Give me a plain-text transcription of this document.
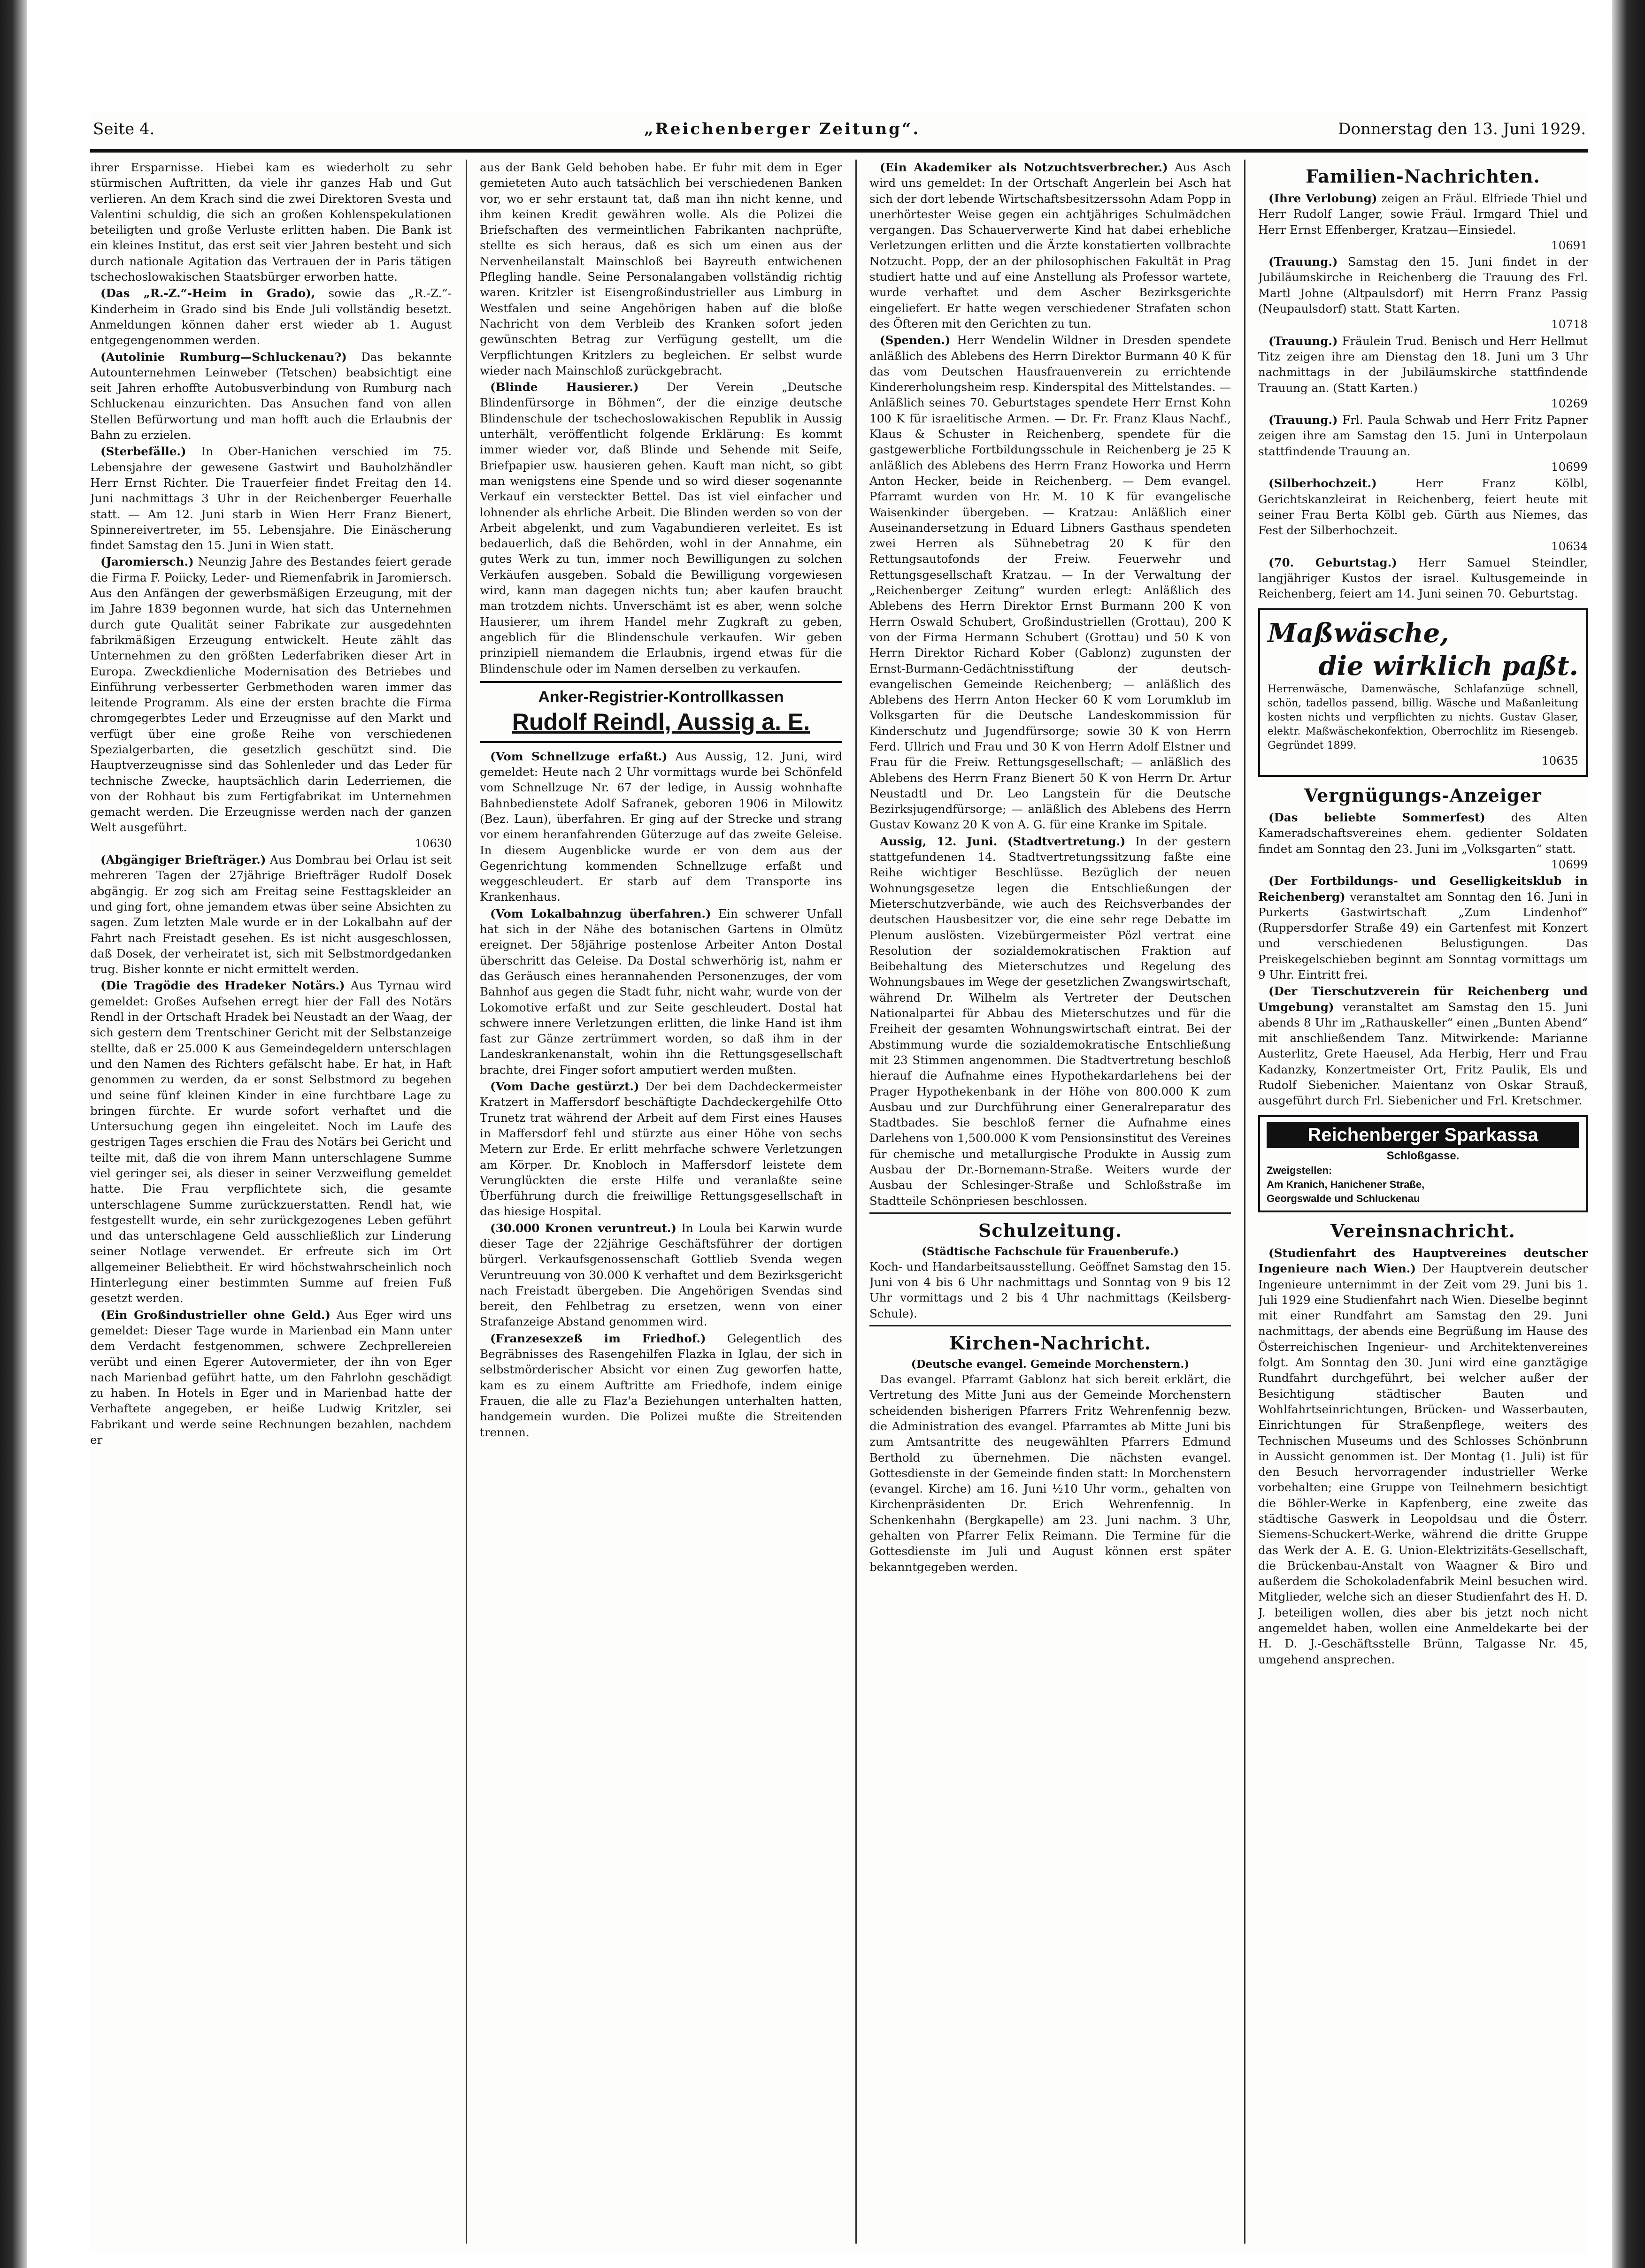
Seite 4.	„Reichenberger Zeitung“.	Donnerstag den 13. Juni 1929.

ihrer Ersparnisse. Hiebei kam es wiederholt zu sehr stürmischen Auftritten, da viele ihr ganzes Hab und Gut verlieren. An dem Krach sind die zwei Direktoren Svesta und Valentini schuldig, die sich an großen Kohlenspekulationen beteiligten und große Verluste erlitten haben. Die Bank ist ein kleines Institut, das erst seit vier Jahren besteht und sich durch nationale Agitation das Vertrauen der in Paris tätigen tschechoslowakischen Staatsbürger erworben hatte.

(Das „R.-Z.“-Heim in Grado), sowie das „R.-Z.“-Kinderheim in Grado sind bis Ende Juli vollständig besetzt. Anmeldungen können daher erst wieder ab 1. August entgegengenommen werden.

(Autolinie Rumburg—Schluckenau?) Das bekannte Autounternehmen Leinweber (Tetschen) beabsichtigt eine seit Jahren erhoffte Autobusverbindung von Rumburg nach Schluckenau einzurichten. Das Ansuchen fand von allen Stellen Befürwortung und man hofft auch die Erlaubnis der Bahn zu erzielen.

(Sterbefälle.) In Ober-Hanichen verschied im 75. Lebensjahre der gewesene Gastwirt und Bauholzhändler Herr Ernst Richter. Die Trauerfeier findet Freitag den 14. Juni nachmittags 3 Uhr in der Reichenberger Feuerhalle statt. — Am 12. Juni starb in Wien Herr Franz Bienert, Spinnereivertreter, im 55. Lebensjahre. Die Einäscherung findet Samstag den 15. Juni in Wien statt.

(Jaromiersch.) Neunzig Jahre des Bestandes feiert gerade die Firma F. Poiicky, Leder- und Riemenfabrik in Jaromiersch. Aus den Anfängen der gewerbsmäßigen Erzeugung, mit der im Jahre 1839 begonnen wurde, hat sich das Unternehmen durch gute Qualität seiner Fabrikate zur ausgedehnten fabrikmäßigen Erzeugung entwickelt. Heute zählt das Unternehmen zu den größten Lederfabriken dieser Art in Europa. Zweckdienliche Modernisation des Betriebes und Einführung verbesserter Gerbmethoden waren immer das leitende Programm. Als eine der ersten brachte die Firma chromgegerbtes Leder und Erzeugnisse auf den Markt und verfügt über eine große Reihe von verschiedenen Spezialgerbarten, die gesetzlich geschützt sind. Die Hauptverzeugnisse sind das Sohlenleder und das Leder für technische Zwecke, hauptsächlich darin Lederriemen, die von der Rohhaut bis zum Fertigfabrikat im Unternehmen gemacht werden. Die Erzeugnisse werden nach der ganzen Welt ausgeführt.
10630

(Abgängiger Briefträger.) Aus Dombrau bei Orlau ist seit mehreren Tagen der 27jährige Briefträger Rudolf Dosek abgängig. Er zog sich am Freitag seine Festtagskleider an und ging fort, ohne jemandem etwas über seine Absichten zu sagen. Zum letzten Male wurde er in der Lokalbahn auf der Fahrt nach Freistadt gesehen. Es ist nicht ausgeschlossen, daß Dosek, der verheiratet ist, sich mit Selbstmordgedanken trug. Bisher konnte er nicht ermittelt werden.

(Die Tragödie des Hradeker Notärs.) Aus Tyrnau wird gemeldet: Großes Aufsehen erregt hier der Fall des Notärs Rendl in der Ortschaft Hradek bei Neustadt an der Waag, der sich gestern dem Trentschiner Gericht mit der Selbstanzeige stellte, daß er 25.000 K aus Gemeindegeldern unterschlagen und den Namen des Richters gefälscht habe. Er hat, in Haft genommen zu werden, da er sonst Selbstmord zu begehen und seine fünf kleinen Kinder in eine furchtbare Lage zu bringen fürchte. Er wurde sofort verhaftet und die Untersuchung gegen ihn eingeleitet. Noch im Laufe des gestrigen Tages erschien die Frau des Notärs bei Gericht und teilte mit, daß die von ihrem Mann unterschlagene Summe viel geringer sei, als dieser in seiner Verzweiflung gemeldet hatte. Die Frau verpflichtete sich, die gesamte unterschlagene Summe zurückzuerstatten. Rendl hat, wie festgestellt wurde, ein sehr zurückgezogenes Leben geführt und das unterschlagene Geld ausschließlich zur Linderung seiner Notlage verwendet. Er erfreute sich im Ort allgemeiner Beliebtheit. Er wird höchstwahrscheinlich noch Hinterlegung einer bestimmten Summe auf freien Fuß gesetzt werden.

(Ein Großindustrieller ohne Geld.) Aus Eger wird uns gemeldet: Dieser Tage wurde in Marienbad ein Mann unter dem Verdacht festgenommen, schwere Zechprellereien verübt und einen Egerer Autovermieter, der ihn von Eger nach Marienbad geführt hatte, um den Fahrlohn geschädigt zu haben. In Hotels in Eger und in Marienbad hatte der Verhaftete angegeben, er heiße Ludwig Kritzler, sei Fabrikant und werde seine Rechnungen bezahlen, nachdem er

aus der Bank Geld behoben habe. Er fuhr mit dem in Eger gemieteten Auto auch tatsächlich bei verschiedenen Banken vor, wo er sehr erstaunt tat, daß man ihn nicht kenne, und ihm keinen Kredit gewähren wolle. Als die Polizei die Briefschaften des vermeintlichen Fabrikanten nachprüfte, stellte es sich heraus, daß es sich um einen aus der Nervenheilanstalt Mainschloß bei Bayreuth entwichenen Pflegling handle. Seine Personalangaben vollständig richtig waren. Kritzler ist Eisengroßindustrieller aus Limburg in Westfalen und seine Angehörigen haben auf die bloße Nachricht von dem Verbleib des Kranken sofort jeden gewünschten Betrag zur Verfügung gestellt, um die Verpflichtungen Kritzlers zu begleichen. Er selbst wurde wieder nach Mainschloß zurückgebracht.

(Blinde Hausierer.) Der Verein „Deutsche Blindenfürsorge in Böhmen“, der die einzige deutsche Blindenschule der tschechoslowakischen Republik in Aussig unterhält, veröffentlicht folgende Erklärung: Es kommt immer wieder vor, daß Blinde und Sehende mit Seife, Briefpapier usw. hausieren gehen. Kauft man nicht, so gibt man wenigstens eine Spende und so wird dieser sogenannte Verkauf ein versteckter Bettel. Das ist viel einfacher und lohnender als ehrliche Arbeit. Die Blinden werden so von der Arbeit abgelenkt, und zum Vagabundieren verleitet. Es ist bedauerlich, daß die Behörden, wohl in der Annahme, ein gutes Werk zu tun, immer noch Bewilligungen zu solchen Verkäufen ausgeben. Sobald die Bewilligung vorgewiesen wird, kann man dagegen nichts tun; aber kaufen braucht man trotzdem nichts. Unverschämt ist es aber, wenn solche Hausierer, um ihrem Handel mehr Zugkraft zu geben, angeblich für die Blindenschule verkaufen. Wir geben prinzipiell niemandem die Erlaubnis, irgend etwas für die Blindenschule oder im Namen derselben zu verkaufen.

Anker-Registrier-Kontrollkassen
Rudolf Reindl, Aussig a. E.

(Vom Schnellzuge erfaßt.) Aus Aussig, 12. Juni, wird gemeldet: Heute nach 2 Uhr vormittags wurde bei Schönfeld vom Schnellzuge Nr. 67 der ledige, in Aussig wohnhafte Bahnbedienstete Adolf Safranek, geboren 1906 in Milowitz (Bez. Laun), überfahren. Er ging auf der Strecke und strang vor einem heranfahrenden Güterzuge auf das zweite Geleise. In diesem Augenblicke wurde er von dem aus der Gegenrichtung kommenden Schnellzuge erfaßt und weggeschleudert. Er starb auf dem Transporte ins Krankenhaus.

(Vom Lokalbahnzug überfahren.) Ein schwerer Unfall hat sich in der Nähe des botanischen Gartens in Olmütz ereignet. Der 58jährige postenlose Arbeiter Anton Dostal überschritt das Geleise. Da Dostal schwerhörig ist, nahm er das Geräusch eines herannahenden Personenzuges, der vom Bahnhof aus gegen die Stadt fuhr, nicht wahr, wurde von der Lokomotive erfaßt und zur Seite geschleudert. Dostal hat schwere innere Verletzungen erlitten, die linke Hand ist ihm fast zur Gänze zertrümmert worden, so daß ihm in der Landeskrankenanstalt, wohin ihn die Rettungsgesellschaft brachte, drei Finger sofort amputiert werden mußten.

(Vom Dache gestürzt.) Der bei dem Dachdeckermeister Kratzert in Maffersdorf beschäftigte Dachdeckergehilfe Otto Trunetz trat während der Arbeit auf dem First eines Hauses in Maffersdorf fehl und stürzte aus einer Höhe von sechs Metern zur Erde. Er erlitt mehrfache schwere Verletzungen am Körper. Dr. Knobloch in Maffersdorf leistete dem Verunglückten die erste Hilfe und veranlaßte seine Überführung durch die freiwillige Rettungsgesellschaft in das hiesige Hospital.

(30.000 Kronen veruntreut.) In Loula bei Karwin wurde dieser Tage der 22jährige Geschäftsführer der dortigen bürgerl. Verkaufsgenossenschaft Gottlieb Svenda wegen Veruntreuung von 30.000 K verhaftet und dem Bezirksgericht nach Freistadt übergeben. Die Angehörigen Svendas sind bereit, den Fehlbetrag zu ersetzen, wenn von einer Strafanzeige Abstand genommen wird.

(Franzesexzeß im Friedhof.) Gelegentlich des Begräbnisses des Rasengehilfen Flazka in Iglau, der sich in selbstmörderischer Absicht vor einen Zug geworfen hatte, kam es zu einem Auftritte am Friedhofe, indem einige Frauen, die alle zu Flaz'a Beziehungen unterhalten hatten, handgemein wurden. Die Polizei mußte die Streitenden trennen.

(Ein Akademiker als Notzuchtsverbrecher.) Aus Asch wird uns gemeldet: In der Ortschaft Angerlein bei Asch hat sich der dort lebende Wirtschaftsbesitzerssohn Adam Popp in unerhörtester Weise gegen ein achtjähriges Schulmädchen vergangen. Das Schauerverwerte Kind hat dabei erhebliche Verletzungen erlitten und die Ärzte konstatierten vollbrachte Notzucht. Popp, der an der philosophischen Fakultät in Prag studiert hatte und auf eine Anstellung als Professor wartete, wurde verhaftet und dem Ascher Bezirksgerichte eingeliefert. Er hatte wegen verschiedener Strafaten schon des Öfteren mit den Gerichten zu tun.

(Spenden.) Herr Wendelin Wildner in Dresden spendete anläßlich des Ablebens des Herrn Direktor Burmann 40 K für das vom Deutschen Hausfrauenverein zu errichtende Kindererholungsheim resp. Kinderspital des Mittelstandes. — Anläßlich seines 70. Geburtstages spendete Herr Ernst Kohn 100 K für israelitische Armen. — Dr. Fr. Franz Klaus Nachf., Klaus & Schuster in Reichenberg, spendete für die gastgewerbliche Fortbildungsschule in Reichenberg je 25 K anläßlich des Ablebens des Herrn Franz Howorka und Herrn Anton Hecker, beide in Reichenberg. — Dem evangel. Pfarramt wurden von Hr. M. 10 K für evangelische Waisenkinder übergeben. — Kratzau: Anläßlich einer Auseinandersetzung in Eduard Libners Gasthaus spendeten zwei Herren als Sühnebetrag 20 K für den Rettungsautofonds der Freiw. Feuerwehr und Rettungsgesellschaft Kratzau. — In der Verwaltung der „Reichenberger Zeitung“ wurden erlegt: Anläßlich des Ablebens des Herrn Direktor Ernst Burmann 200 K von Herrn Oswald Schubert, Großindustriellen (Grottau), 200 K von der Firma Hermann Schubert (Grottau) und 50 K von Herrn Direktor Richard Kober (Gablonz) zugunsten der Ernst-Burmann-Gedächtnisstiftung der deutsch-evangelischen Gemeinde Reichenberg; — anläßlich des Ablebens des Herrn Anton Hecker 60 K vom Lorumklub im Volksgarten für die Deutsche Landeskommission für Kinderschutz und Jugendfürsorge; sowie 30 K von Herrn Ferd. Ullrich und Frau und 30 K von Herrn Adolf Elstner und Frau für die Freiw. Rettungsgesellschaft; — anläßlich des Ablebens des Herrn Franz Bienert 50 K von Herrn Dr. Artur Neustadtl und Dr. Leo Langstein für die Deutsche Bezirksjugendfürsorge; — anläßlich des Ablebens des Herrn Gustav Kowanz 20 K von A. G. für eine Kranke im Spitale.

Aussig, 12. Juni. (Stadtvertretung.) In der gestern stattgefundenen 14. Stadtvertretungssitzung faßte eine Reihe wichtiger Beschlüsse. Bezüglich der neuen Wohnungsgesetze legen die Entschließungen der Mieterschutzverbände, wie auch des Reichsverbandes der deutschen Hausbesitzer vor, die eine sehr rege Debatte im Plenum auslösten. Vizebürgermeister Pözl vertrat eine Resolution der sozialdemokratischen Fraktion auf Beibehaltung des Mieterschutzes und Regelung des Wohnungsbaues im Wege der gesetzlichen Zwangswirtschaft, während Dr. Wilhelm als Vertreter der Deutschen Nationalpartei für Abbau des Mieterschutzes und für die Freiheit der gesamten Wohnungswirtschaft eintrat. Bei der Abstimmung wurde die sozialdemokratische Entschließung mit 23 Stimmen angenommen. Die Stadtvertretung beschloß hierauf die Aufnahme eines Hypothekardarlehens bei der Prager Hypothekenbank in der Höhe von 800.000 K zum Ausbau und zur Durchführung einer Generalreparatur des Stadtbades. Sie beschloß ferner die Aufnahme eines Darlehens von 1,500.000 K vom Pensionsinstitut des Vereines für chemische und metallurgische Produkte in Aussig zum Ausbau der Dr.-Bornemann-Straße. Weiters wurde der Ausbau der Schlesinger-Straße und Schloßstraße im Stadtteile Schönpriesen beschlossen.

Schulzeitung.
(Städtische Fachschule für Frauenberufe.)

Koch- und Handarbeitsausstellung. Geöffnet Samstag den 15. Juni von 4 bis 6 Uhr nachmittags und Sonntag von 9 bis 12 Uhr vormittags und 2 bis 4 Uhr nachmittags (Keilsberg-Schule).

Kirchen-Nachricht.
(Deutsche evangel. Gemeinde Morchenstern.)

Das evangel. Pfarramt Gablonz hat sich bereit erklärt, die Vertretung des Mitte Juni aus der Gemeinde Morchenstern scheidenden bisherigen Pfarrers Fritz Wehrenfennig bezw. die Administration des evangel. Pfarramtes ab Mitte Juni bis zum Amtsantritte des neugewählten Pfarrers Edmund Berthold zu übernehmen. Die nächsten evangel. Gottesdienste in der Gemeinde finden statt: In Morchenstern (evangel. Kirche) am 16. Juni ½10 Uhr vorm., gehalten von Kirchenpräsidenten Dr. Erich Wehrenfennig. In Schenkenhahn (Bergkapelle) am 23. Juni nachm. 3 Uhr, gehalten von Pfarrer Felix Reimann. Die Termine für die Gottesdienste im Juli und August können erst später bekanntgegeben werden.

Familien-Nachrichten.

(Ihre Verlobung) zeigen an Fräul. Elfriede Thiel und Herr Rudolf Langer, sowie Fräul. Irmgard Thiel und Herr Ernst Effenberger, Kratzau—Einsiedel.
10691

(Trauung.) Samstag den 15. Juni findet in der Jubiläumskirche in Reichenberg die Trauung des Frl. Martl Johne (Altpaulsdorf) mit Herrn Franz Passig (Neupaulsdorf) statt. Statt Karten.
10718

(Trauung.) Fräulein Trud. Benisch und Herr Hellmut Titz zeigen ihre am Dienstag den 18. Juni um 3 Uhr nachmittags in der Jubiläumskirche stattfindende Trauung an. (Statt Karten.)
10269

(Trauung.) Frl. Paula Schwab und Herr Fritz Papner zeigen ihre am Samstag den 15. Juni in Unterpolaun stattfindende Trauung an.
10699

(Silberhochzeit.) Herr Franz Kölbl, Gerichtskanzleirat in Reichenberg, feiert heute mit seiner Frau Berta Kölbl geb. Gürth aus Niemes, das Fest der Silberhochzeit.
10634

(70. Geburtstag.) Herr Samuel Steindler, langjähriger Kustos der israel. Kultusgemeinde in Reichenberg, feiert am 14. Juni seinen 70. Geburtstag.

Maßwäsche,
die wirklich paßt.
Herrenwäsche, Damenwäsche, Schlafanzüge schnell, schön, tadellos passend, billig. Wäsche und Maßanleitung kosten nichts und verpflichten zu nichts. Gustav Glaser, elektr. Maßwäschekonfektion, Oberrochlitz im Riesengeb. Gegründet 1899.
10635
Vergnügungs-Anzeiger

(Das beliebte Sommerfest) des Alten Kameradschaftsvereines ehem. gedienter Soldaten findet am Sonntag den 23. Juni im „Volksgarten“ statt.
10699

(Der Fortbildungs- und Geselligkeitsklub in Reichenberg) veranstaltet am Sonntag den 16. Juni in Purkerts Gastwirtschaft „Zum Lindenhof“ (Ruppersdorfer Straße 49) ein Gartenfest mit Konzert und verschiedenen Belustigungen. Das Preiskegelschieben beginnt am Sonntag vormittags um 9 Uhr. Eintritt frei.

(Der Tierschutzverein für Reichenberg und Umgebung) veranstaltet am Samstag den 15. Juni abends 8 Uhr im „Rathauskeller“ einen „Bunten Abend“ mit anschließendem Tanz. Mitwirkende: Marianne Austerlitz, Grete Haeusel, Ada Herbig, Herr und Frau Kadanzky, Konzertmeister Ort, Fritz Paulik, Els und Rudolf Siebenicher. Maientanz von Oskar Strauß, ausgeführt durch Frl. Siebenicher und Frl. Kretschmer.

Reichenberger Sparkassa
Schloßgasse.
Zweigstellen:
Am Kranich, Hanichener Straße,
Georgswalde und Schluckenau
Vereinsnachricht.

(Studienfahrt des Hauptvereines deutscher Ingenieure nach Wien.) Der Hauptverein deutscher Ingenieure unternimmt in der Zeit vom 29. Juni bis 1. Juli 1929 eine Studienfahrt nach Wien. Dieselbe beginnt mit einer Rundfahrt am Samstag den 29. Juni nachmittags, der abends eine Begrüßung im Hause des Österreichischen Ingenieur- und Architektenvereines folgt. Am Sonntag den 30. Juni wird eine ganztägige Rundfahrt durchgeführt, bei welcher außer der Besichtigung städtischer Bauten und Wohlfahrtseinrichtungen, Brücken- und Wasserbauten, Einrichtungen für Straßenpflege, weiters des Technischen Museums und des Schlosses Schönbrunn in Aussicht genommen ist. Der Montag (1. Juli) ist für den Besuch hervorragender industrieller Werke vorbehalten; eine Gruppe von Teilnehmern besichtigt die Böhler-Werke in Kapfenberg, eine zweite das städtische Gaswerk in Leopoldsau und die Österr. Siemens-Schuckert-Werke, während die dritte Gruppe das Werk der A. E. G. Union-Elektrizitäts-Gesellschaft, die Brückenbau-Anstalt von Waagner & Biro und außerdem die Schokoladenfabrik Meinl besuchen wird. Mitglieder, welche sich an dieser Studienfahrt des H. D. J. beteiligen wollen, dies aber bis jetzt noch nicht angemeldet haben, wollen eine Anmeldekarte bei der H. D. J.-Geschäftsstelle Brünn, Talgasse Nr. 45, umgehend ansprechen.
